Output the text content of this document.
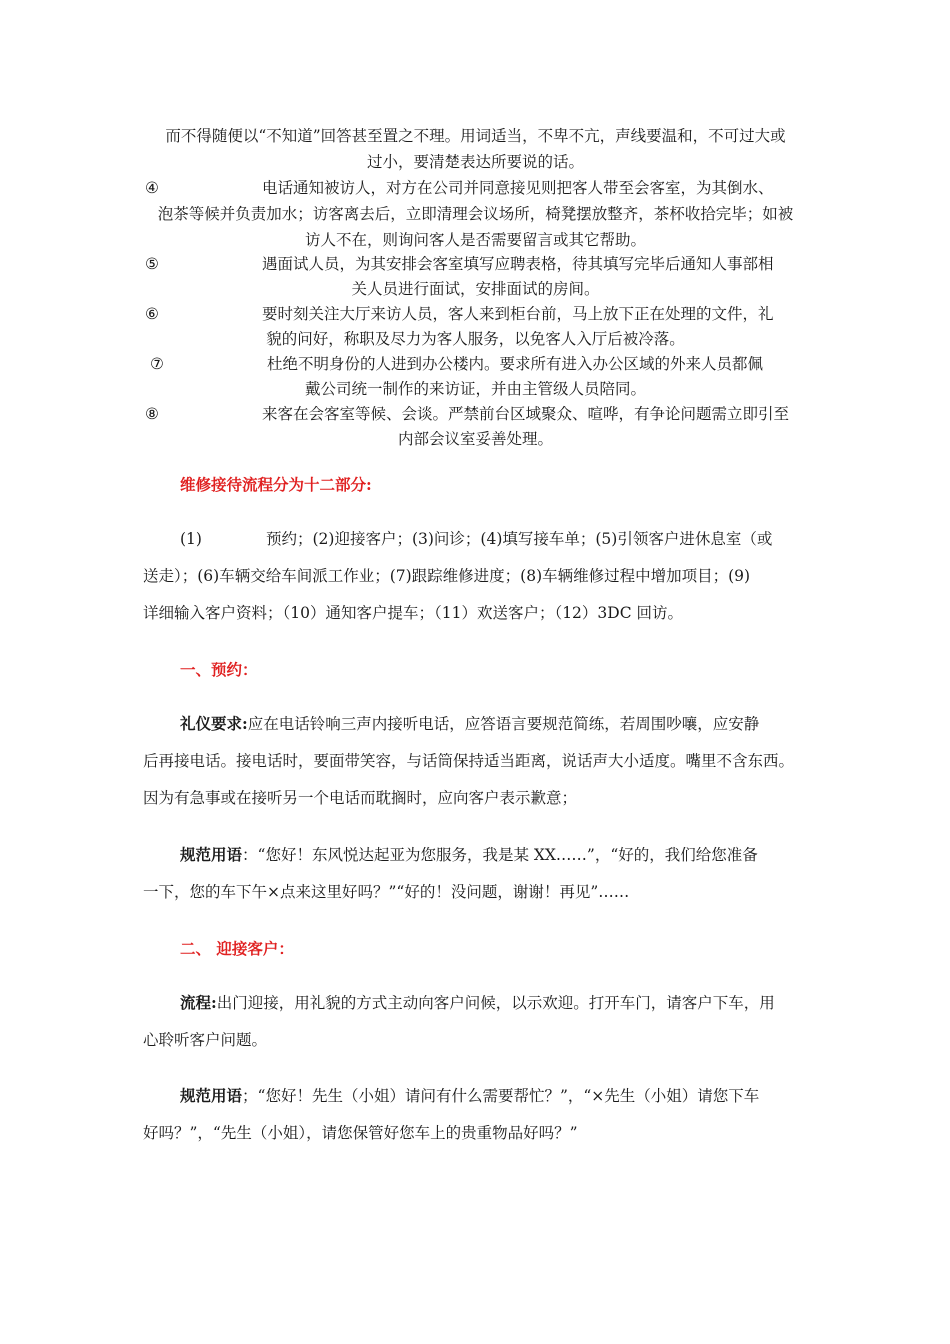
而不得随便以“不知道”回答甚至置之不理。用词适当，不卑不亢，声线要温和，不可过大或
过小，要清楚表达所要说的话。
④	电话通知被访人，对方在公司并同意接见则把客人带至会客室，为其倒水、
泡茶等候并负责加水；访客离去后，立即清理会议场所，椅凳摆放整齐，茶杯收拾完毕；如被
访人不在，则询问客人是否需要留言或其它帮助。
⑤	遇面试人员，为其安排会客室填写应聘表格，待其填写完毕后通知人事部相
关人员进行面试，安排面试的房间。
⑥	要时刻关注大厅来访人员，客人来到柜台前，马上放下正在处理的文件，礼
貌的问好，称职及尽力为客人服务，以免客人入厅后被冷落。
⑦	杜绝不明身份的人进到办公楼内。要求所有进入办公区域的外来人员都佩
戴公司统一制作的来访证，并由主管级人员陪同。
⑧	来客在会客室等候、会谈。严禁前台区域聚众、喧哗，有争论问题需立即引至
内部会议室妥善处理。
维修接待流程分为十二部分:
(1)	预约；(2)迎接客户；(3)问诊；(4)填写接车单；(5)引领客户进休息室（或
送走）；(6)车辆交给车间派工作业；(7)跟踪维修进度；(8)车辆维修过程中增加项目；(9)
详细输入客户资料；（10）通知客户提车；（11）欢送客户；（12）3DC 回访。
一、预约：
礼仪要求:应在电话铃响三声内接听电话，应答语言要规范简练，若周围吵嚷，应安静
后再接电话。接电话时，要面带笑容，与话筒保持适当距离，说话声大小适度。嘴里不含东西。
因为有急事或在接听另一个电话而耽搁时，应向客户表示歉意；
规范用语：“您好！东风悦达起亚为您服务，我是某 XX……”，“好的，我们给您准备
一下，您的车下午×点来这里好吗？”“好的！没问题，谢谢！再见”……
二、 迎接客户：
流程:出门迎接，用礼貌的方式主动向客户问候，以示欢迎。打开车门，请客户下车，用
心聆听客户问题。
规范用语；“您好！先生（小姐）请问有什么需要帮忙？”，“×先生（小姐）请您下车
好吗？”，“先生（小姐），请您保管好您车上的贵重物品好吗？”
